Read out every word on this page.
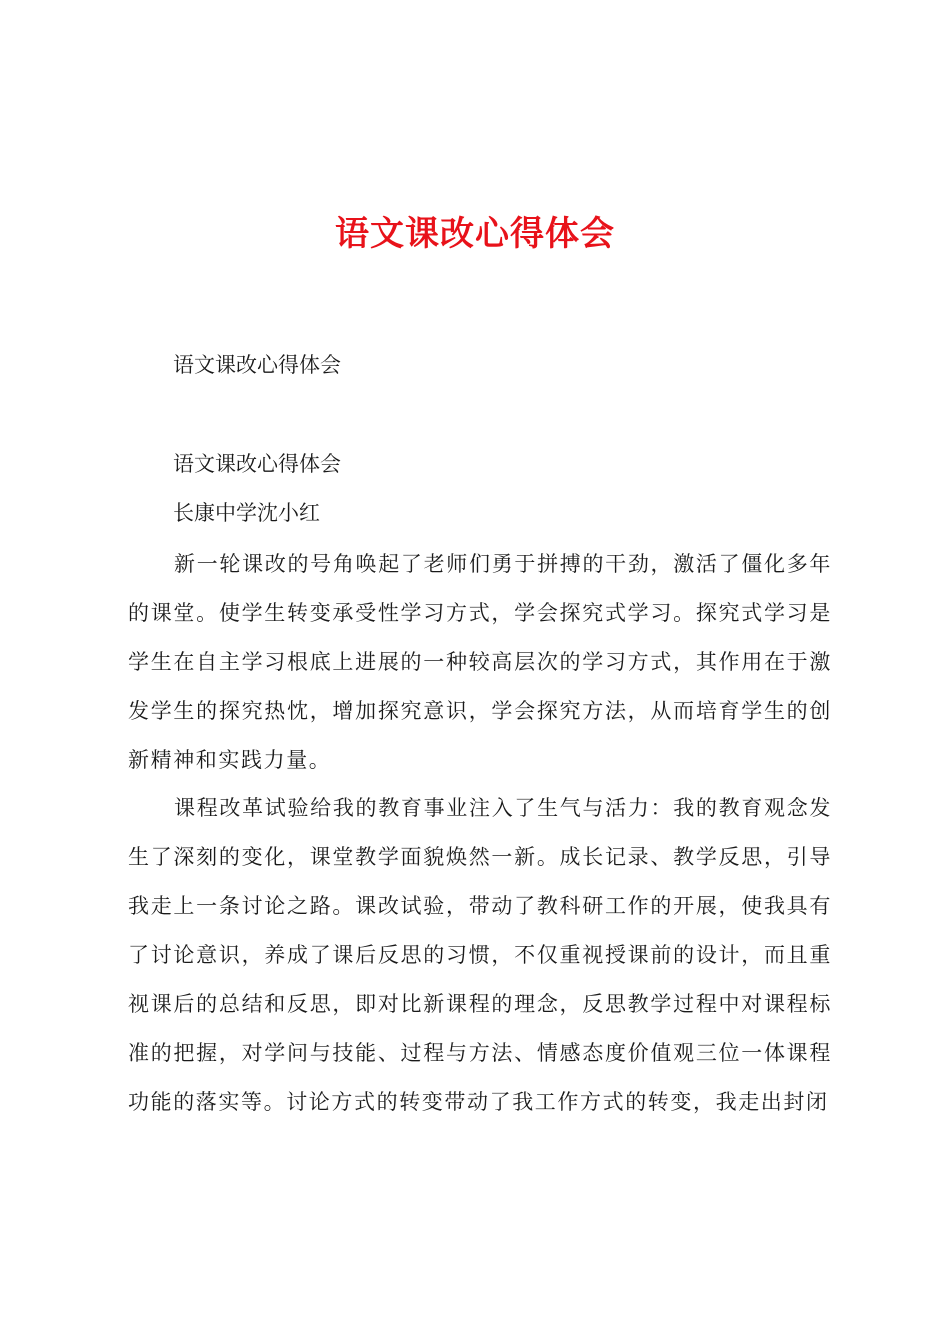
语文课改心得体会

语文课改心得体会

语文课改心得体会

长康中学沈小红

新一轮课改的号角唤起了老师们勇于拼搏的干劲，激活了僵化多年的课堂。使学生转变承受性学习方式，学会探究式学习。探究式学习是学生在自主学习根底上进展的一种较高层次的学习方式，其作用在于激发学生的探究热忱，增加探究意识，学会探究方法，从而培育学生的创新精神和实践力量。

课程改革试验给我的教育事业注入了生气与活力：我的教育观念发生了深刻的变化，课堂教学面貌焕然一新。成长记录、教学反思，引导我走上一条讨论之路。课改试验，带动了教科研工作的开展，使我具有了讨论意识，养成了课后反思的习惯，不仅重视授课前的设计，而且重视课后的总结和反思，即对比新课程的理念，反思教学过程中对课程标准的把握，对学问与技能、过程与方法、情感态度价值观三位一体课程功能的落实等。讨论方式的转变带动了我工作方式的转变，我走出封闭
